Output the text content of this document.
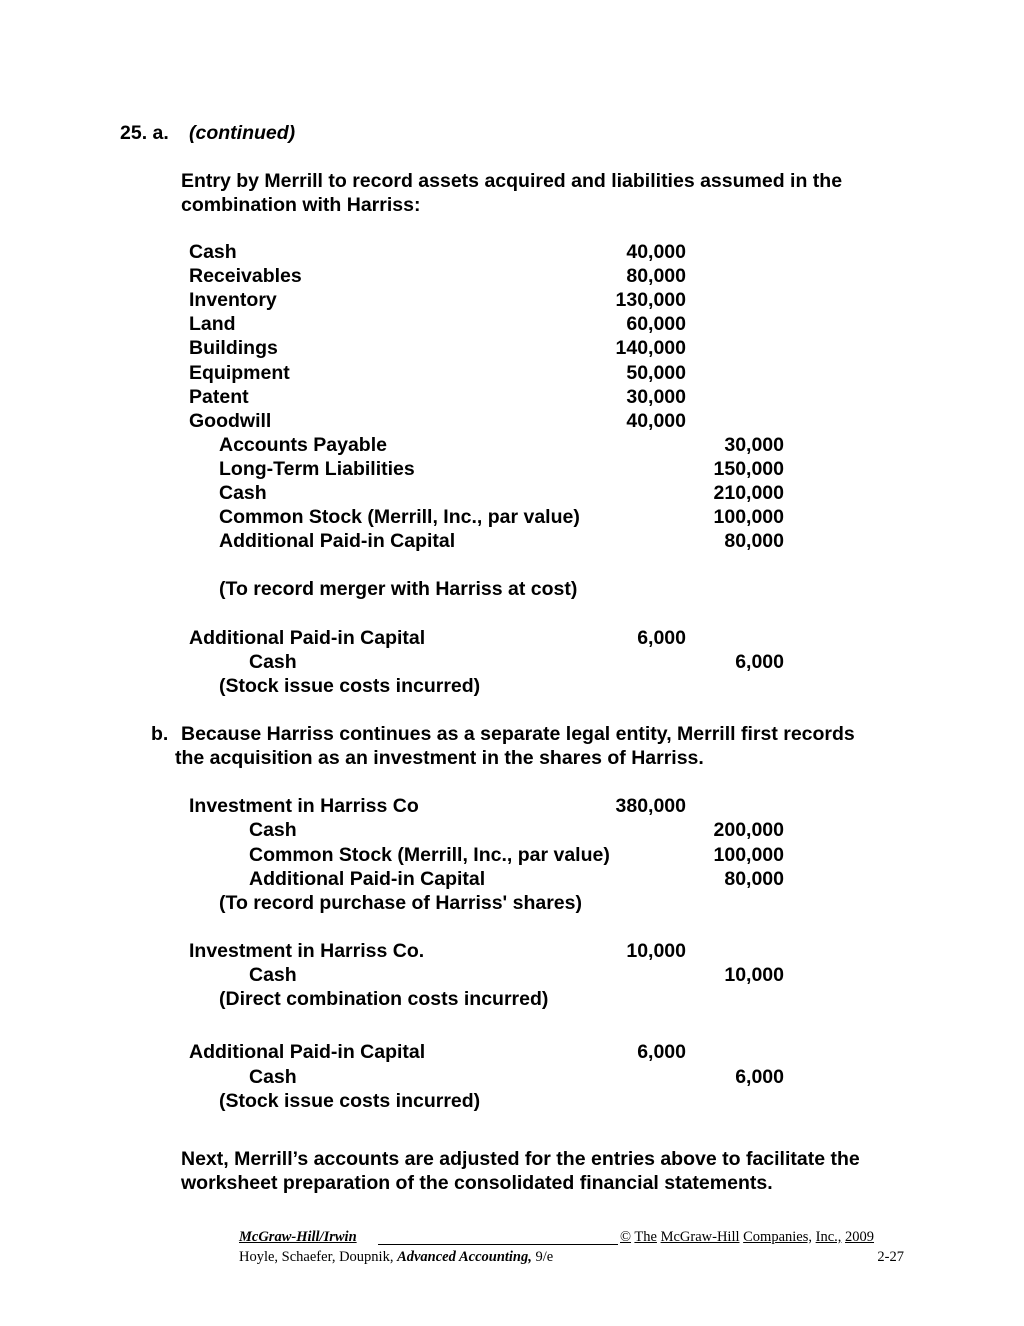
25. a. (continued)
Entry by Merrill to record assets acquired and liabilities assumed in the
combination with Harriss:
Cash	40,000
Receivables	80,000
Inventory	130,000
Land	60,000
Buildings	140,000
Equipment	50,000
Patent	30,000
Goodwill	40,000
Accounts Payable	30,000
Long-Term Liabilities	150,000
Cash	210,000
Common Stock (Merrill, Inc., par value)	100,000
Additional Paid-in Capital	80,000
(To record merger with Harriss at cost)
Additional Paid-in Capital	6,000
Cash	6,000
(Stock issue costs incurred)
b. Because Harriss continues as a separate legal entity, Merrill first records
the acquisition as an investment in the shares of Harriss.
Investment in Harriss Co	380,000
Cash	200,000
Common Stock (Merrill, Inc., par value)	100,000
Additional Paid-in Capital	80,000
(To record purchase of Harriss' shares)
Investment in Harriss Co.	10,000
Cash	10,000
(Direct combination costs incurred)
Additional Paid-in Capital	6,000
Cash	6,000
(Stock issue costs incurred)
Next, Merrill’s accounts are adjusted for the entries above to facilitate the
worksheet preparation of the consolidated financial statements.
McGraw-Hill/Irwin	© The McGraw-Hill Companies, Inc., 2009
Hoyle, Schaefer, Doupnik, Advanced Accounting, 9/e	2-27
